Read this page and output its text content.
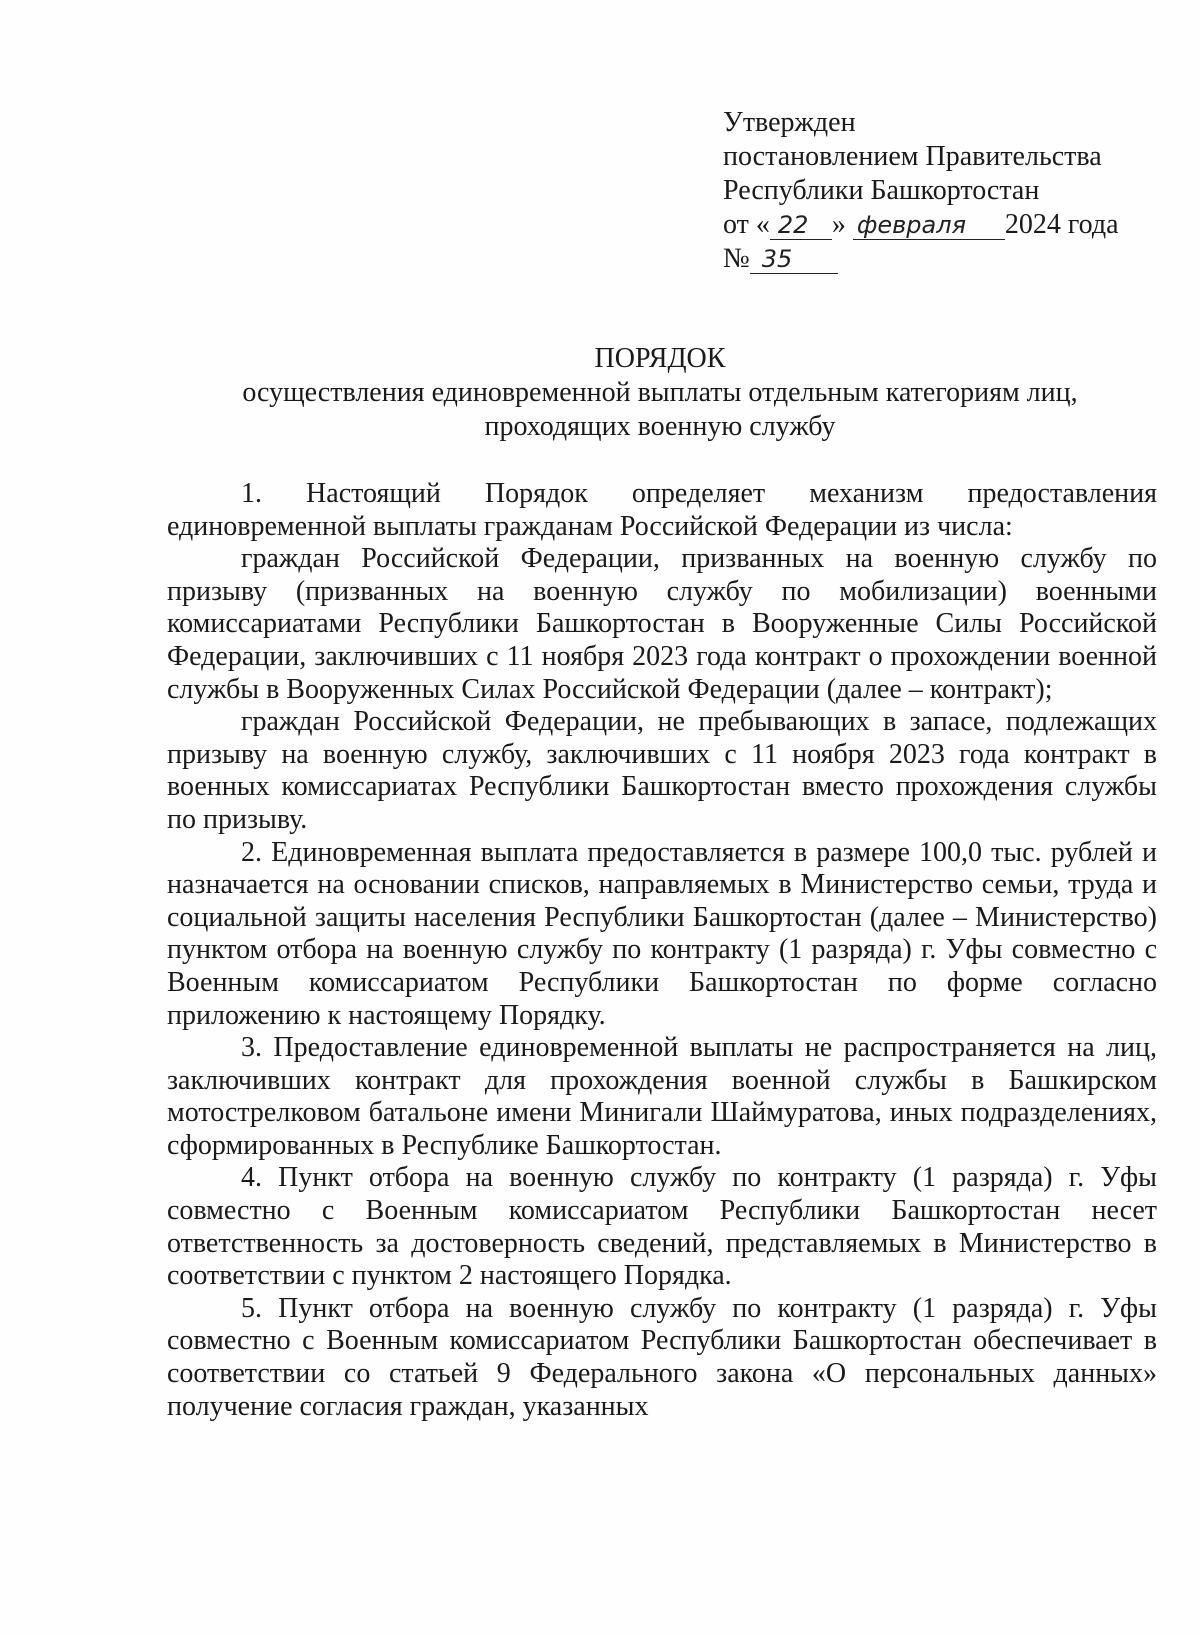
Утвержден
постановлением Правительства
Республики Башкортостан
от « 22 » февраля 2024 года
№ 35
ПОРЯДОК
осуществления единовременной выплаты отдельным категориям лиц,
проходящих военную службу

1. Настоящий Порядок определяет механизм предоставления единовременной выплаты гражданам Российской Федерации из числа:

граждан Российской Федерации, призванных на военную службу по призыву (призванных на военную службу по мобилизации) военными комиссариатами Республики Башкортостан в Вооруженные Силы Российской Федерации, заключивших с 11 ноября 2023 года контракт о прохождении военной службы в Вооруженных Силах Российской Федерации (далее – контракт);

граждан Российской Федерации, не пребывающих в запасе, подлежащих призыву на военную службу, заключивших с 11 ноября 2023 года контракт в военных комиссариатах Республики Башкортостан вместо прохождения службы по призыву.

2. Единовременная выплата предоставляется в размере 100,0 тыс. рублей и назначается на основании списков, направляемых в Министерство семьи, труда и социальной защиты населения Республики Башкортостан (далее – Министерство) пунктом отбора на военную службу по контракту (1 разряда) г. Уфы совместно с Военным комиссариатом Республики Башкортостан по форме согласно приложению к настоящему Порядку.

3. Предоставление единовременной выплаты не распространяется на лиц, заключивших контракт для прохождения военной службы в Башкирском мотострелковом батальоне имени Минигали Шаймуратова, иных подразделениях, сформированных в Республике Башкортостан.

4. Пункт отбора на военную службу по контракту (1 разряда) г. Уфы совместно с Военным комиссариатом Республики Башкортостан несет ответственность за достоверность сведений, представляемых в Министерство в соответствии с пунктом 2 настоящего Порядка.

5. Пункт отбора на военную службу по контракту (1 разряда) г. Уфы совместно с Военным комиссариатом Республики Башкортостан обеспечивает в соответствии со статьей 9 Федерального закона «О персональных данных» получение согласия граждан, указанных
